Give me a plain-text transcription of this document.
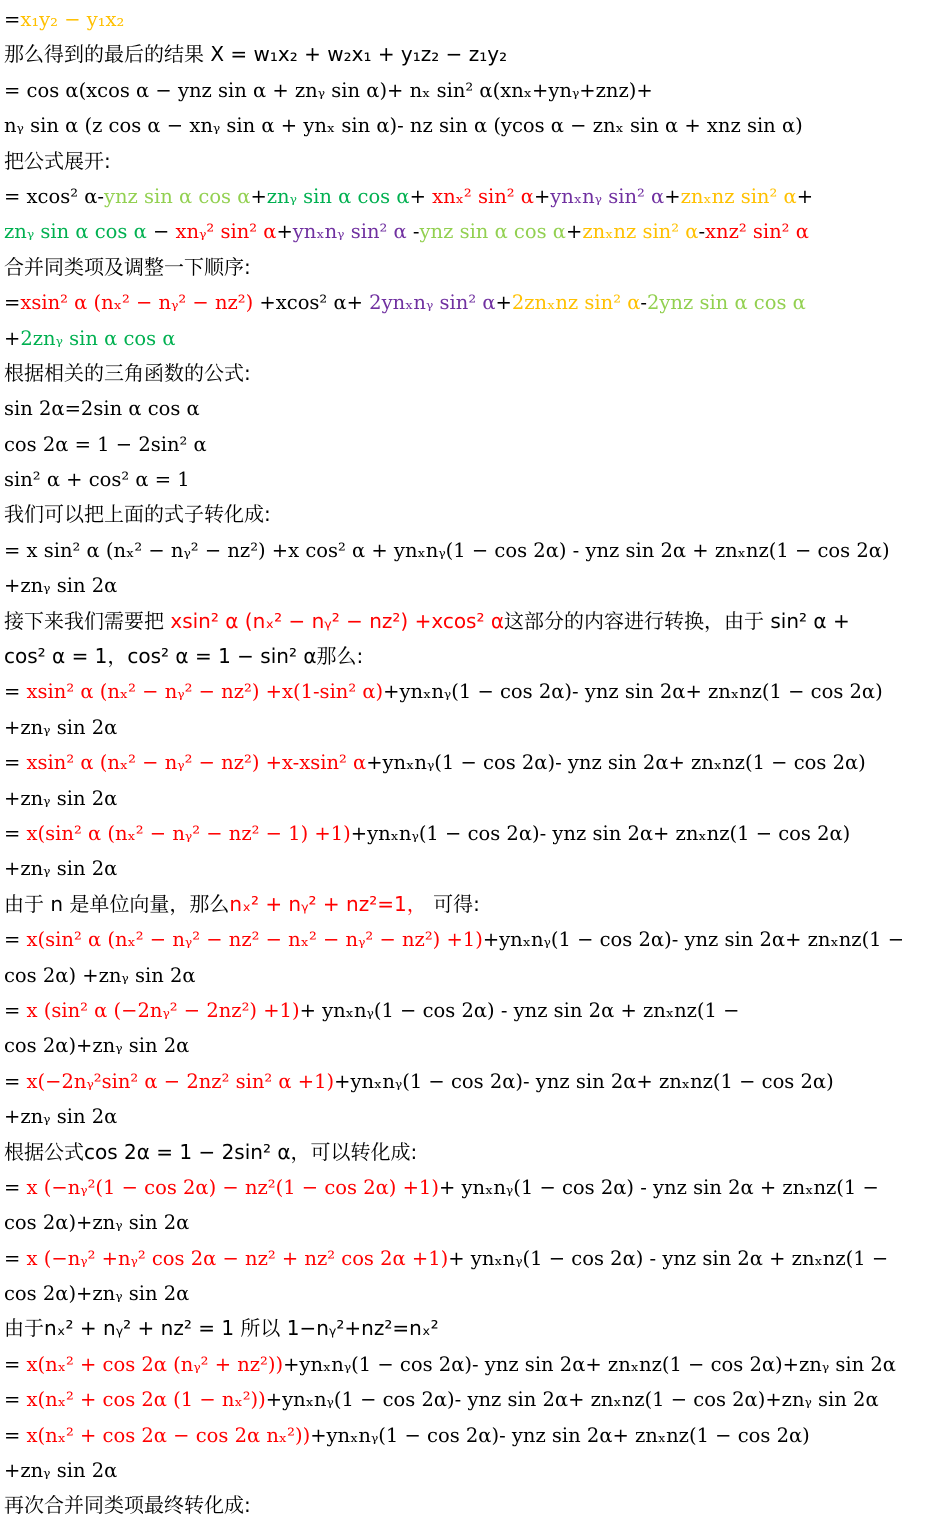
=x₁y₂ − y₁x₂
那么得到的最后的结果 X = w₁x₂ + w₂x₁ + y₁z₂ − z₁y₂
= cos α(xcos α − ynz sin α + znᵧ sin α)+ nₓ sin² α(xnₓ+ynᵧ+znz)+
nᵧ sin α (z cos α − xnᵧ sin α + ynₓ sin α)- nz sin α (ycos α − znₓ sin α + xnz sin α)
把公式展开:
= xcos² α-ynz sin α cos α+znᵧ sin α cos α+ xnₓ² sin² α+ynₓnᵧ sin² α+znₓnz sin² α+
znᵧ sin α cos α − xnᵧ² sin² α+ynₓnᵧ sin² α -ynz sin α cos α+znₓnz sin² α-xnz² sin² α
合并同类项及调整一下顺序:
=xsin² α (nₓ² − nᵧ² − nz²) +xcos² α+ 2ynₓnᵧ sin² α+2znₓnz sin² α-2ynz sin α cos α
+2znᵧ sin α cos α
根据相关的三角函数的公式:
sin 2α=2sin α cos α
cos 2α = 1 − 2sin² α
sin² α + cos² α = 1
我们可以把上面的式子转化成:
= x sin² α (nₓ² − nᵧ² − nz²) +x cos² α + ynₓnᵧ(1 − cos 2α) - ynz sin 2α + znₓnz(1 − cos 2α)
+znᵧ sin 2α
接下来我们需要把 xsin² α (nₓ² − nᵧ² − nz²) +xcos² α这部分的内容进行转换，由于 sin² α +
cos² α = 1，cos² α = 1 − sin² α那么:
= xsin² α (nₓ² − nᵧ² − nz²) +x(1-sin² α)+ynₓnᵧ(1 − cos 2α)- ynz sin 2α+ znₓnz(1 − cos 2α)
+znᵧ sin 2α
= xsin² α (nₓ² − nᵧ² − nz²) +x-xsin² α+ynₓnᵧ(1 − cos 2α)- ynz sin 2α+ znₓnz(1 − cos 2α)
+znᵧ sin 2α
= x(sin² α (nₓ² − nᵧ² − nz² − 1) +1)+ynₓnᵧ(1 − cos 2α)- ynz sin 2α+ znₓnz(1 − cos 2α)
+znᵧ sin 2α
由于 n 是单位向量，那么nₓ² + nᵧ² + nz²=1， 可得:
= x(sin² α (nₓ² − nᵧ² − nz² − nₓ² − nᵧ² − nz²) +1)+ynₓnᵧ(1 − cos 2α)- ynz sin 2α+ znₓnz(1 −
cos 2α) +znᵧ sin 2α
= x (sin² α (−2nᵧ² − 2nz²) +1)+ ynₓnᵧ(1 − cos 2α) - ynz sin 2α + znₓnz(1 −
cos 2α)+znᵧ sin 2α
= x(−2nᵧ²sin² α − 2nz² sin² α +1)+ynₓnᵧ(1 − cos 2α)- ynz sin 2α+ znₓnz(1 − cos 2α)
+znᵧ sin 2α
根据公式cos 2α = 1 − 2sin² α，可以转化成:
= x (−nᵧ²(1 − cos 2α) − nz²(1 − cos 2α) +1)+ ynₓnᵧ(1 − cos 2α) - ynz sin 2α + znₓnz(1 −
cos 2α)+znᵧ sin 2α
= x (−nᵧ² +nᵧ² cos 2α − nz² + nz² cos 2α +1)+ ynₓnᵧ(1 − cos 2α) - ynz sin 2α + znₓnz(1 −
cos 2α)+znᵧ sin 2α
由于nₓ² + nᵧ² + nz² = 1 所以 1−nᵧ²+nz²=nₓ²
= x(nₓ² + cos 2α (nᵧ² + nz²))+ynₓnᵧ(1 − cos 2α)- ynz sin 2α+ znₓnz(1 − cos 2α)+znᵧ sin 2α
= x(nₓ² + cos 2α (1 − nₓ²))+ynₓnᵧ(1 − cos 2α)- ynz sin 2α+ znₓnz(1 − cos 2α)+znᵧ sin 2α
= x(nₓ² + cos 2α − cos 2α nₓ²))+ynₓnᵧ(1 − cos 2α)- ynz sin 2α+ znₓnz(1 − cos 2α)
+znᵧ sin 2α
再次合并同类项最终转化成:
